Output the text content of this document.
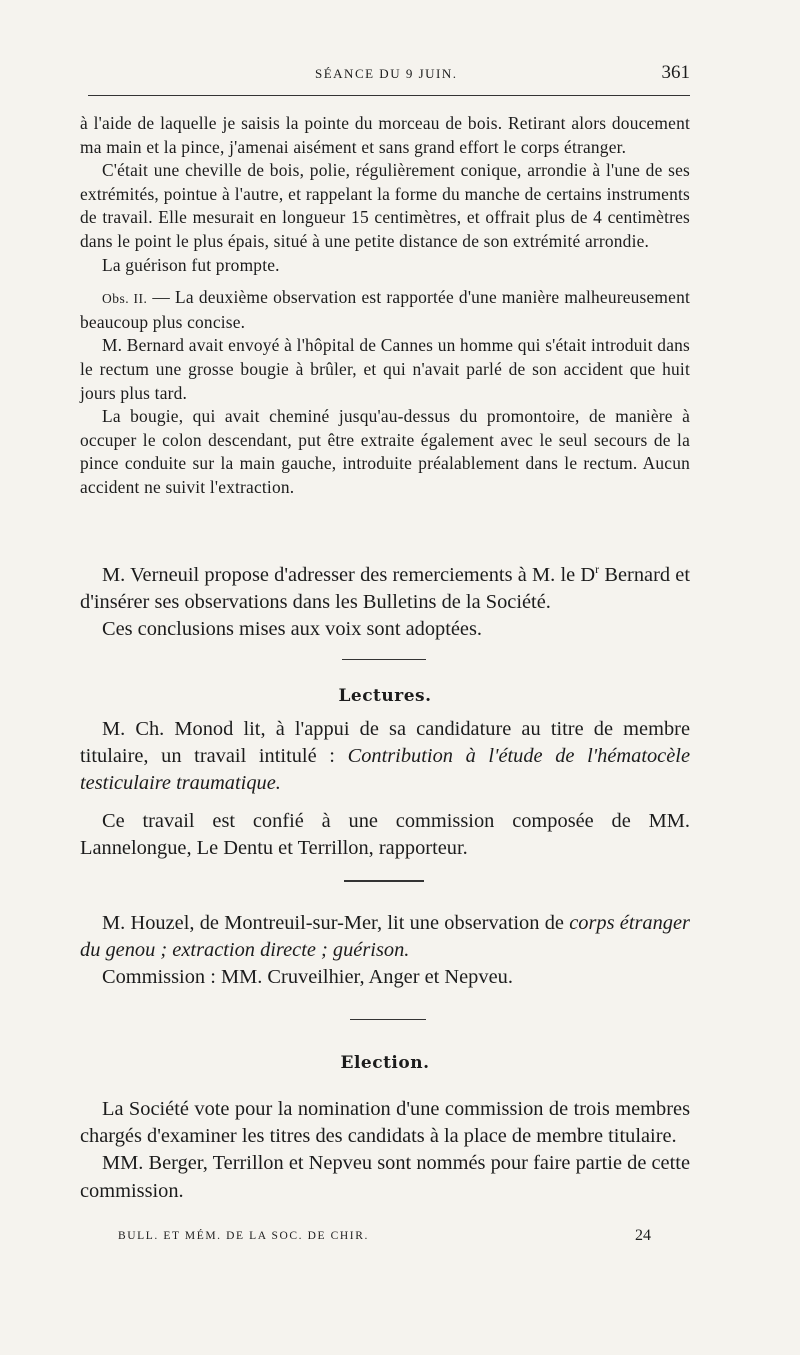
SÉANCE DU 9 JUIN.	361

à l'aide de laquelle je saisis la pointe du morceau de bois. Retirant alors doucement ma main et la pince, j'amenai aisément et sans grand effort le corps étranger.

C'était une cheville de bois, polie, régulièrement conique, arrondie à l'une de ses extrémités, pointue à l'autre, et rappelant la forme du manche de certains instruments de travail. Elle mesurait en longueur 15 centimètres, et offrait plus de 4 centimètres dans le point le plus épais, situé à une petite distance de son extrémité arrondie.

La guérison fut prompte.

Obs. II. — La deuxième observation est rapportée d'une manière malheureusement beaucoup plus concise.

M. Bernard avait envoyé à l'hôpital de Cannes un homme qui s'était introduit dans le rectum une grosse bougie à brûler, et qui n'avait parlé de son accident que huit jours plus tard.

La bougie, qui avait cheminé jusqu'au-dessus du promontoire, de manière à occuper le colon descendant, put être extraite également avec le seul secours de la pince conduite sur la main gauche, introduite préalablement dans le rectum. Aucun accident ne suivit l'extraction.

M. Verneuil propose d'adresser des remerciements à M. le $D^r$ Bernard et d'insérer ses observations dans les Bulletins de la Société.

Ces conclusions mises aux voix sont adoptées.

Lectures.

M. Ch. Monod lit, à l'appui de sa candidature au titre de membre titulaire, un travail intitulé : Contribution à l'étude de l'hématocèle testiculaire traumatique.

Ce travail est confié à une commission composée de MM. Lannelongue, Le Dentu et Terrillon, rapporteur.

M. Houzel, de Montreuil-sur-Mer, lit une observation de corps étranger du genou ; extraction directe ; guérison.

Commission : MM. Cruveilhier, Anger et Nepveu.

Election.

La Société vote pour la nomination d'une commission de trois membres chargés d'examiner les titres des candidats à la place de membre titulaire.

MM. Berger, Terrillon et Nepveu sont nommés pour faire partie de cette commission.

BULL. ET MÉM. DE LA SOC. DE CHIR.	24
